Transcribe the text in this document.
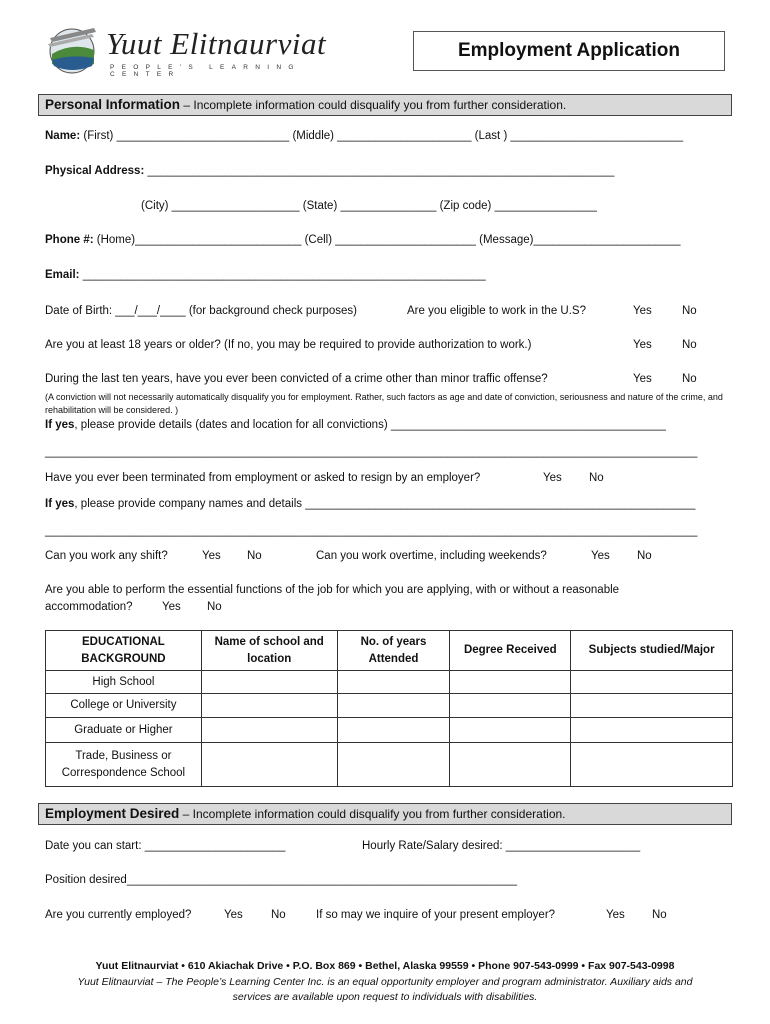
Yuut Elitnaurviat
PEOPLE'S LEARNING CENTER
Employment Application
Personal Information – Incomplete information could disqualify you from further consideration.
Name: (First) ___________________________ (Middle) _____________________ (Last ) ___________________________
Physical Address: _________________________________________________________________________
(City) ____________________ (State) _______________ (Zip code) ________________
Phone #: (Home)__________________________ (Cell) ______________________ (Message)_______________________
Email: _______________________________________________________________
Date of Birth: ___/___/____ (for background check purposes)	Are you eligible to work in the U.S?	Yes	No
Are you at least 18 years or older? (If no, you may be required to provide authorization to work.)	Yes	No
During the last ten years, have you ever been convicted of a crime other than minor traffic offense?	Yes	No
(A conviction will not necessarily automatically disqualify you for employment. Rather, such factors as age and date of conviction, seriousness and nature of the crime, and rehabilitation will be considered. )
If yes, please provide details (dates and location for all convictions) ___________________________________________
______________________________________________________________________________________________________
Have you ever been terminated from employment or asked to resign by an employer?	Yes No
If yes, please provide company names and details _____________________________________________________________
______________________________________________________________________________________________________
Can you work any shift?	Yes No	Can you work overtime, including weekends?	Yes No
Are you able to perform the essential functions of the job for which you are applying, with or without a reasonable
accommodation?	Yes No
EDUCATIONAL BACKGROUND	Name of school and location	No. of years Attended	Degree Received	Subjects studied/Major
High School				
College or University				
Graduate or Higher				
Trade, Business or Correspondence School				
Employment Desired – Incomplete information could disqualify you from further consideration.
Date you can start: ______________________	Hourly Rate/Salary desired: _____________________
Position desired_____________________________________________________________
Are you currently employed?	Yes No	If so may we inquire of your present employer?	Yes No
Yuut Elitnaurviat • 610 Akiachak Drive • P.O. Box 869 • Bethel, Alaska 99559 • Phone 907-543-0999 • Fax 907-543-0998
Yuut Elitnaurviat – The People’s Learning Center Inc. is an equal opportunity employer and program administrator. Auxiliary aids and
services are available upon request to individuals with disabilities.
